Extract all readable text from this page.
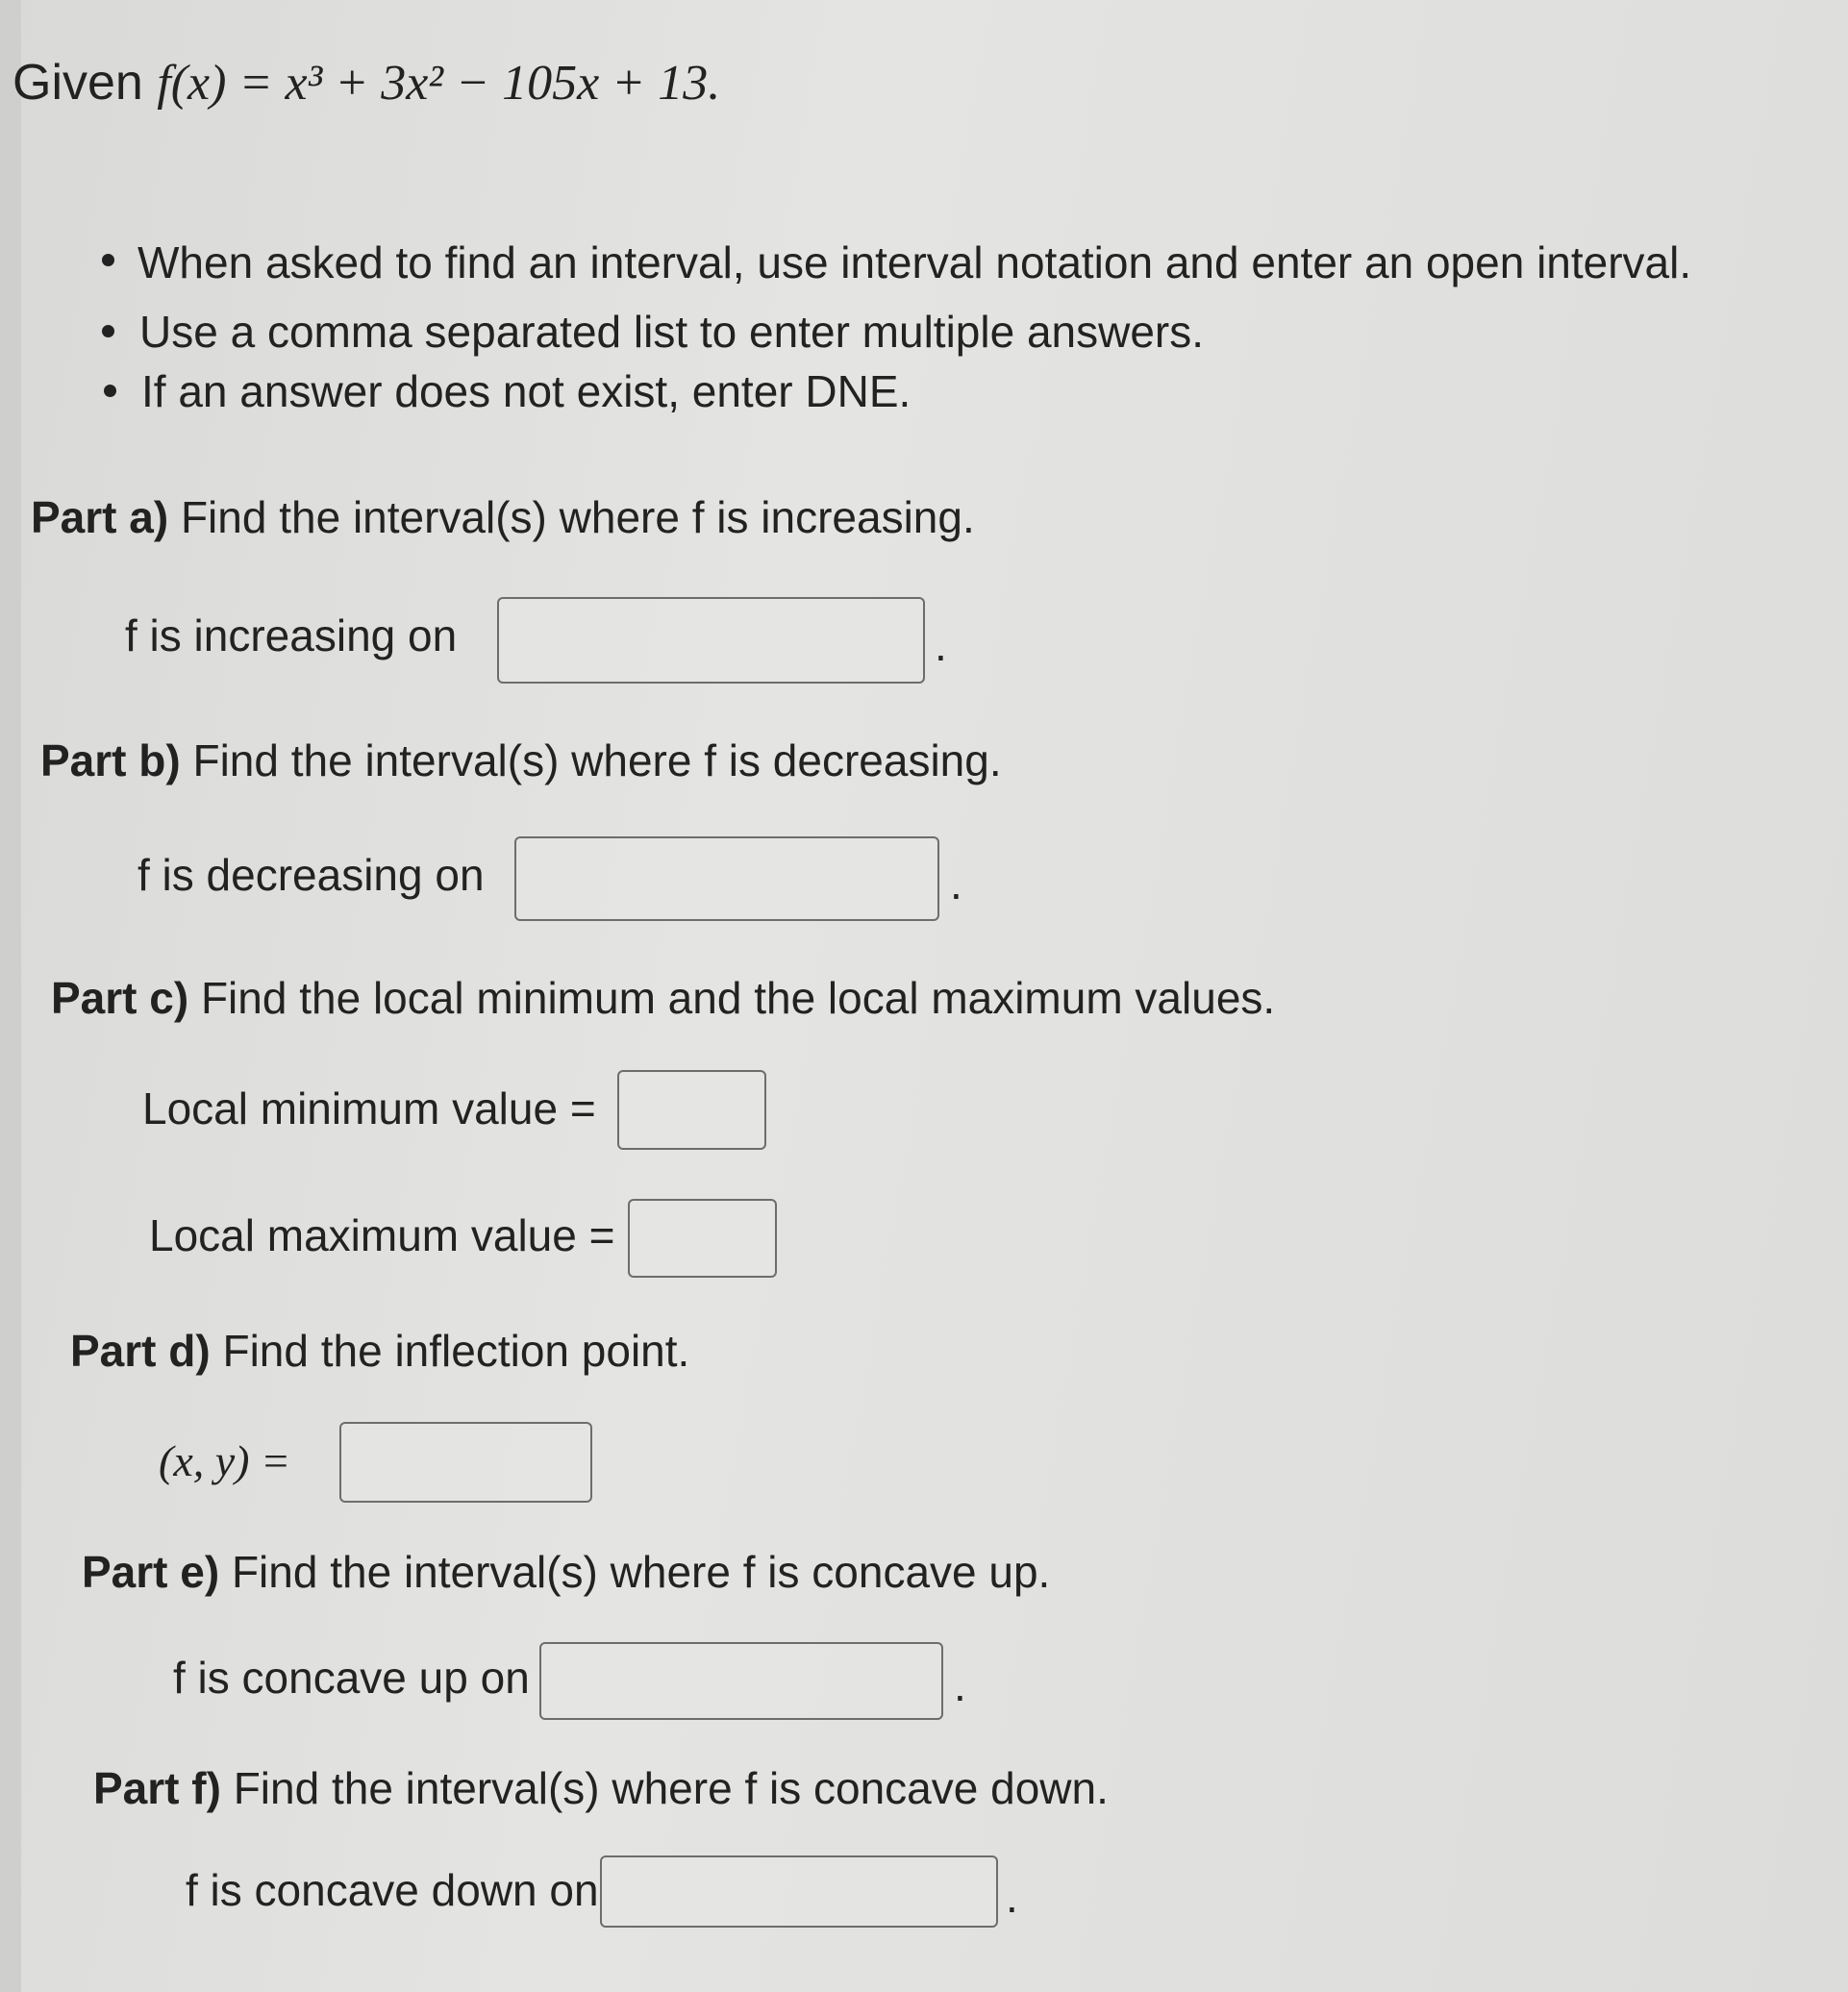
Given f(x) = x³ + 3x² − 105x + 13.
When asked to find an interval, use interval notation and enter an open interval.
Use a comma separated list to enter multiple answers.
If an answer does not exist, enter DNE.
Part a) Find the interval(s) where f is increasing.
f is increasing on	.
Part b) Find the interval(s) where f is decreasing.
f is decreasing on	.
Part c) Find the local minimum and the local maximum values.
Local minimum value =
Local maximum value =
Part d) Find the inflection point.
(x, y) =
Part e) Find the interval(s) where f is concave up.
f is concave up on	.
Part f) Find the interval(s) where f is concave down.
f is concave down on	.
